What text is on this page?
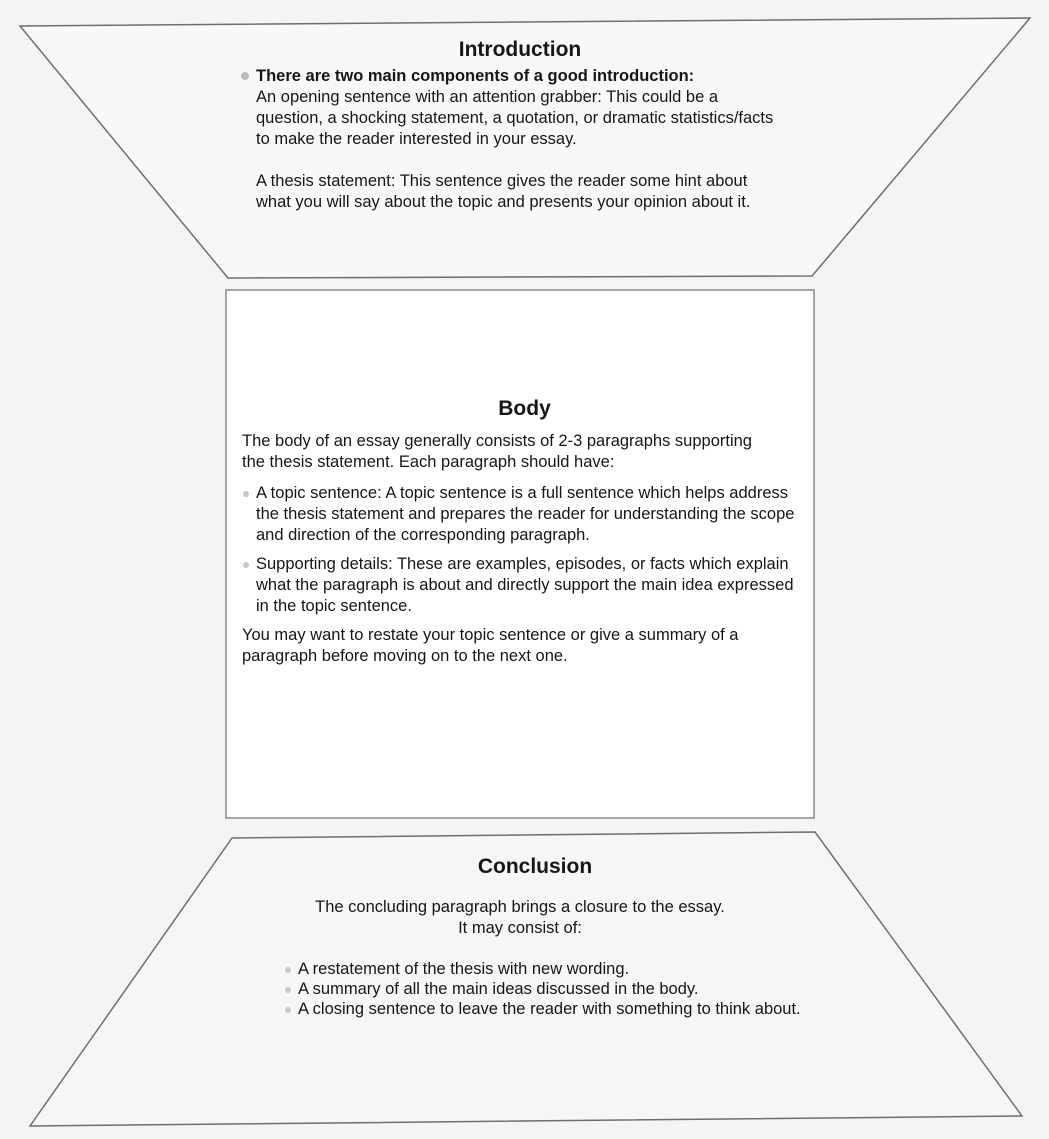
Introduction

There are two main components of a good introduction:

An opening sentence with an attention grabber: This could be a question, a shocking statement, a quotation, or dramatic statistics/facts to make the reader interested in your essay.

A thesis statement: This sentence gives the reader some hint about what you will say about the topic and presents your opinion about it.

Body

The body of an essay generally consists of 2-3 paragraphs supporting the thesis statement. Each paragraph should have:

A topic sentence: A topic sentence is a full sentence which helps address the thesis statement and prepares the reader for understanding the scope and direction of the corresponding paragraph.

Supporting details: These are examples, episodes, or facts which explain what the paragraph is about and directly support the main idea expressed in the topic sentence.

You may want to restate your topic sentence or give a summary of a paragraph before moving on to the next one.

Conclusion

The concluding paragraph brings a closure to the essay.

It may consist of:

A restatement of the thesis with new wording.

A summary of all the main ideas discussed in the body.

A closing sentence to leave the reader with something to think about.
